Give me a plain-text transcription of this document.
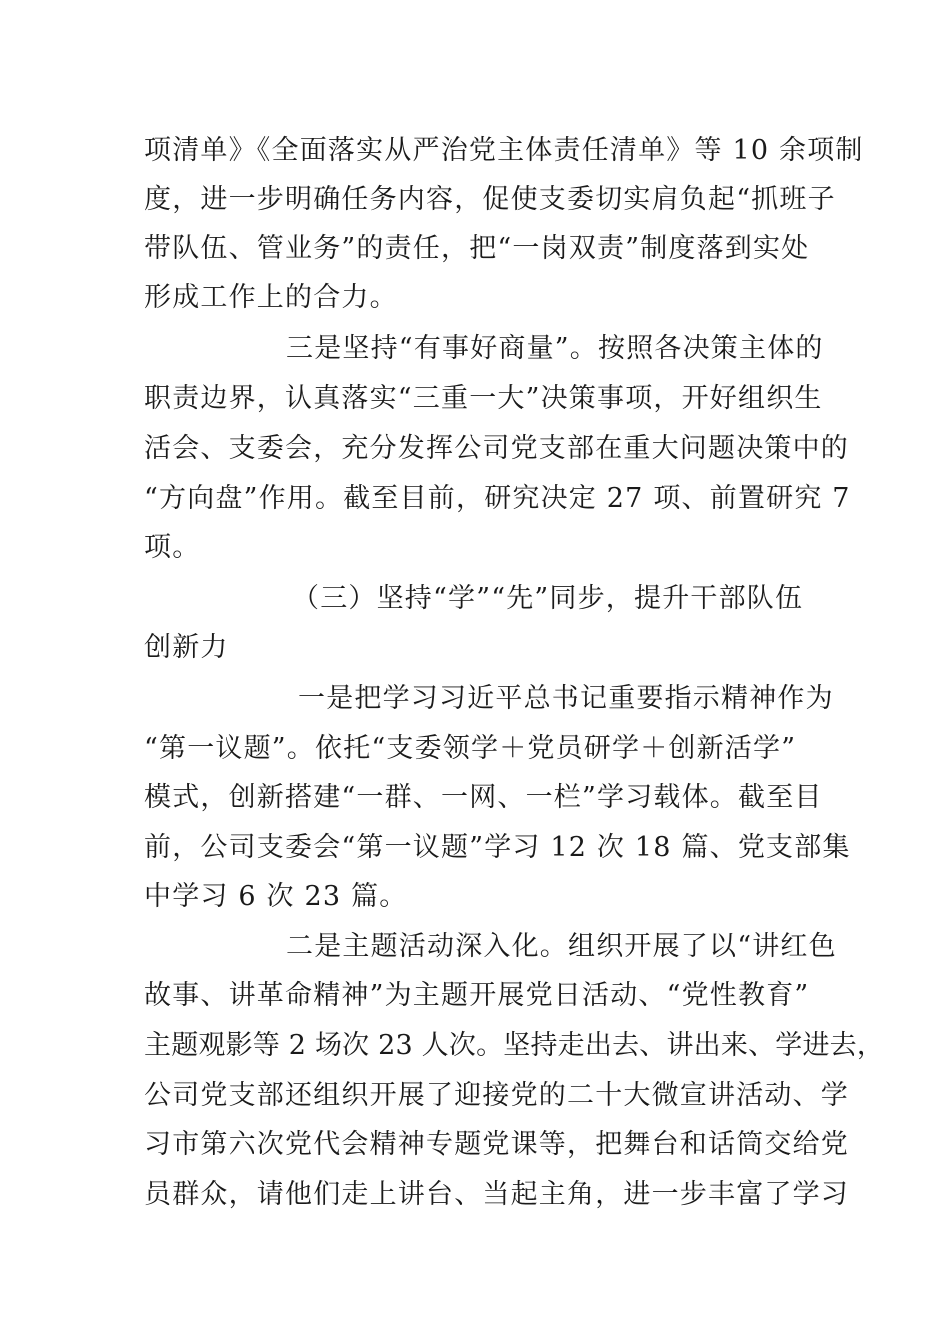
项清单》《全面落实从严治党主体责任清单》等 10 余项制
度，进一步明确任务内容，促使支委切实肩负起“抓班子
带队伍、管业务”的责任，把“一岗双责”制度落到实处
形成工作上的合力。
三是坚持“有事好商量”。按照各决策主体的
职责边界，认真落实“三重一大”决策事项，开好组织生
活会、支委会，充分发挥公司党支部在重大问题决策中的
“方向盘”作用。截至目前，研究决定 27 项、前置研究 7
项。
（三）坚持“学”“先”同步，提升干部队伍
创新力
一是把学习习近平总书记重要指示精神作为
“第一议题”。依托“支委领学＋党员研学＋创新活学”
模式，创新搭建“一群、一网、一栏”学习载体。截至目
前，公司支委会“第一议题”学习 12 次 18 篇、党支部集
中学习 6 次 23 篇。
二是主题活动深入化。组织开展了以“讲红色
故事、讲革命精神”为主题开展党日活动、“党性教育”
主题观影等 2 场次 23 人次。坚持走出去、讲出来、学进去，
公司党支部还组织开展了迎接党的二十大微宣讲活动、学
习市第六次党代会精神专题党课等，把舞台和话筒交给党
员群众，请他们走上讲台、当起主角，进一步丰富了学习
